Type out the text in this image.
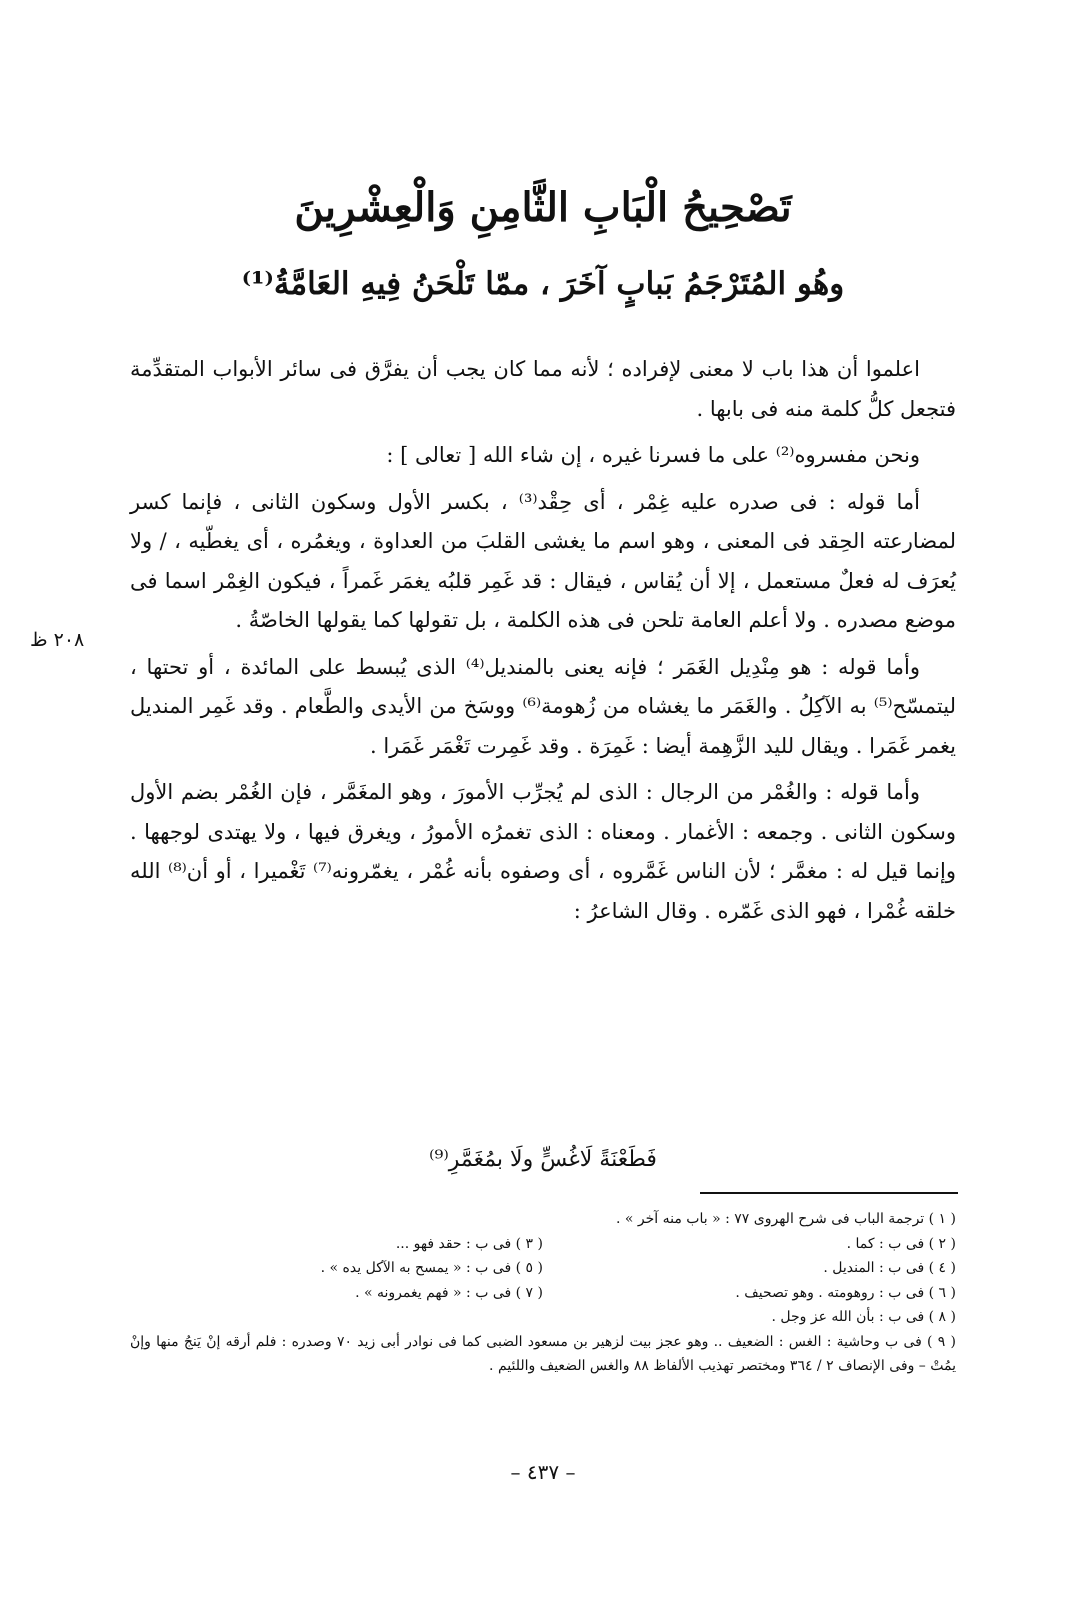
تَصْحِيحُ الْبَابِ الثَّامِنِ وَالْعِشْرِينَ
وهُو المُتَرْجَمُ بَبابٍ آخَرَ ، ممّا تَلْحَنُ فِيهِ العَامَّةُ⁽¹⁾

اعلموا أن هذا باب لا معنى لإفراده ؛ لأنه مما كان يجب أن يفرَّق فى سائر الأبواب المتقدِّمة فتجعل كلُّ كلمة منه فى بابها .

ونحن مفسروه⁽²⁾ على ما فسرنا غيره ، إن شاء الله [ تعالى ] :

أما قوله : فى صدره عليه غِمْر ، أى حِقْد⁽³⁾ ، بكسر الأول وسكون الثانى ، فإنما كسر لمضارعته الحِقد فى المعنى ، وهو اسم ما يغشى القلبَ من العداوة ، ويغمُره ، أى يغطّيه ، / ولا يُعرَف له فعلٌ مستعمل ، إلا أن يُقاس ، فيقال : قد غَمِر قلبُه يغمَر غَمراً ، فيكون الغِمْر اسما فى موضع مصدره . ولا أعلم العامة تلحن فى هذه الكلمة ، بل تقولها كما يقولها الخاصّةُ .

وأما قوله : هو مِنْدِيل الغَمَر ؛ فإنه يعنى بالمنديل⁽⁴⁾ الذى يُبسط على المائدة ، أو تحتها ، ليتمسّح⁽⁵⁾ به الآكِلُ . والغَمَر ما يغشاه من زُهومة⁽⁶⁾ ووسَخ من الأيدى والطَّعام . وقد غَمِر المنديل يغمر غَمَرا . ويقال لليد الزَّهِمة أيضا : غَمِرَة . وقد غَمِرت تَغْمَر غَمَرا .

وأما قوله : والغُمْر من الرجال : الذى لم يُجرِّب الأمورَ ، وهو المغَمَّر ، فإن الغُمْر بضم الأول وسكون الثانى . وجمعه : الأغمار . ومعناه : الذى تغمرُه الأمورُ ، ويغرق فيها ، ولا يهتدى لوجهها . وإنما قيل له : مغمَّر ؛ لأن الناس غَمَّروه ، أى وصفوه بأنه غُمْر ، يغمّرونه⁽⁷⁾ تَغْميرا ، أو أن⁽⁸⁾ الله خلقه غُمْرا ، فهو الذى غَمّره . وقال الشاعرُ :

٢٠٨ ظ
فَطَعْنَةً لَاغُسٍّ ولَا بمُغَمَّرِ⁽⁹⁾
( ١ ) ترجمة الباب فى شرح الهروى ٧٧ : « باب منه آخر » .
( ٢ ) فى ب : كما .
( ٣ ) فى ب : حقد فهو ...
( ٤ ) فى ب : المنديل .
( ٥ ) فى ب : « يمسح به الآكل يده » .
( ٦ ) فى ب : روهومته . وهو تصحيف .
( ٧ ) فى ب : « فهم يغمرونه » .
( ٨ ) فى ب : بأن الله عز وجل .
( ٩ ) فى ب وحاشية : الغس : الضعيف .. وهو عجز بيت لزهير بن مسعود الضبى كما فى نوادر أبى زيد ٧٠ وصدره : فلم أرقه إنْ يَنجُ منها وإنْ يمُتْ – وفى الإنصاف ٢ / ٣٦٤ ومختصر تهذيب الألفاظ ٨٨ والغس الضعيف واللئيم .
– ٤٣٧ –
